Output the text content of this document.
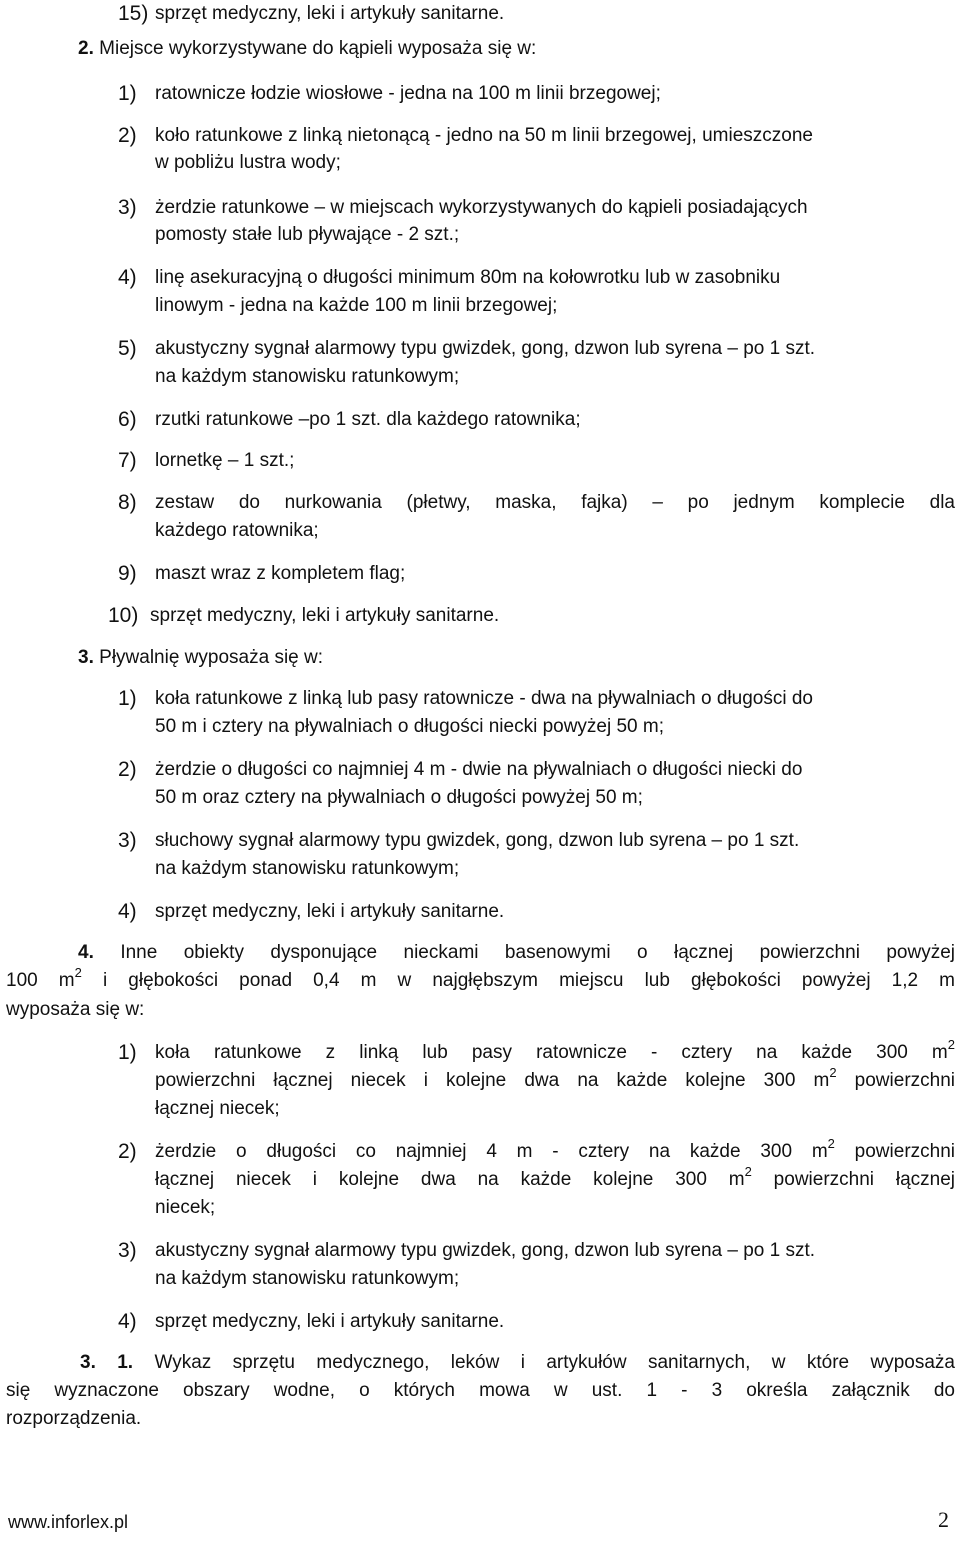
15) sprzęt medyczny, leki i artykuły sanitarne.
2. Miejsce wykorzystywane do kąpieli wyposaża się w:
1) ratownicze łodzie wiosłowe - jedna na 100 m linii brzegowej;
2) koło ratunkowe z linką nietonącą - jedno na 50 m linii brzegowej, umieszczone
w pobliżu lustra wody;
3) żerdzie ratunkowe – w miejscach wykorzystywanych do kąpieli posiadających
pomosty stałe lub pływające - 2 szt.;
4) linę asekuracyjną o długości minimum 80m na kołowrotku lub w zasobniku
linowym - jedna na każde 100 m linii brzegowej;
5) akustyczny sygnał alarmowy typu gwizdek, gong, dzwon lub syrena – po 1 szt.
na każdym stanowisku ratunkowym;
6) rzutki ratunkowe –po 1 szt. dla każdego ratownika;
7) lornetkę – 1 szt.;
8) zestaw do nurkowania (płetwy, maska, fajka) – po jednym komplecie dla
każdego ratownika;
9) maszt wraz z kompletem flag;
10) sprzęt medyczny, leki i artykuły sanitarne.
3. Pływalnię wyposaża się w:
1) koła ratunkowe z linką lub pasy ratownicze - dwa na pływalniach o długości do
50 m i cztery na pływalniach o długości niecki powyżej 50 m;
2) żerdzie o długości co najmniej 4 m - dwie na pływalniach o długości niecki do
50 m oraz cztery na pływalniach o długości powyżej 50 m;
3) słuchowy sygnał alarmowy typu gwizdek, gong, dzwon lub syrena – po 1 szt.
na każdym stanowisku ratunkowym;
4) sprzęt medyczny, leki i artykuły sanitarne.
4. Inne obiekty dysponujące nieckami basenowymi o łącznej powierzchni powyżej
100 $m^2$ i głębokości ponad 0,4 m w najgłębszym miejscu lub głębokości powyżej 1,2 m
wyposaża się w:
1) koła ratunkowe z linką lub pasy ratownicze - cztery na każde 300 $m^2$
powierzchni łącznej niecek i kolejne dwa na każde kolejne 300 $m^2$ powierzchni
łącznej niecek;
2) żerdzie o długości co najmniej 4 m - cztery na każde 300 $m^2$ powierzchni
łącznej niecek i kolejne dwa na każde kolejne 300 $m^2$ powierzchni łącznej
niecek;
3) akustyczny sygnał alarmowy typu gwizdek, gong, dzwon lub syrena – po 1 szt.
na każdym stanowisku ratunkowym;
4) sprzęt medyczny, leki i artykuły sanitarne.
3. 1. Wykaz sprzętu medycznego, leków i artykułów sanitarnych, w które wyposaża
się wyznaczone obszary wodne, o których mowa w ust. 1 - 3 określa załącznik do
rozporządzenia.
www.inforlex.pl	2
